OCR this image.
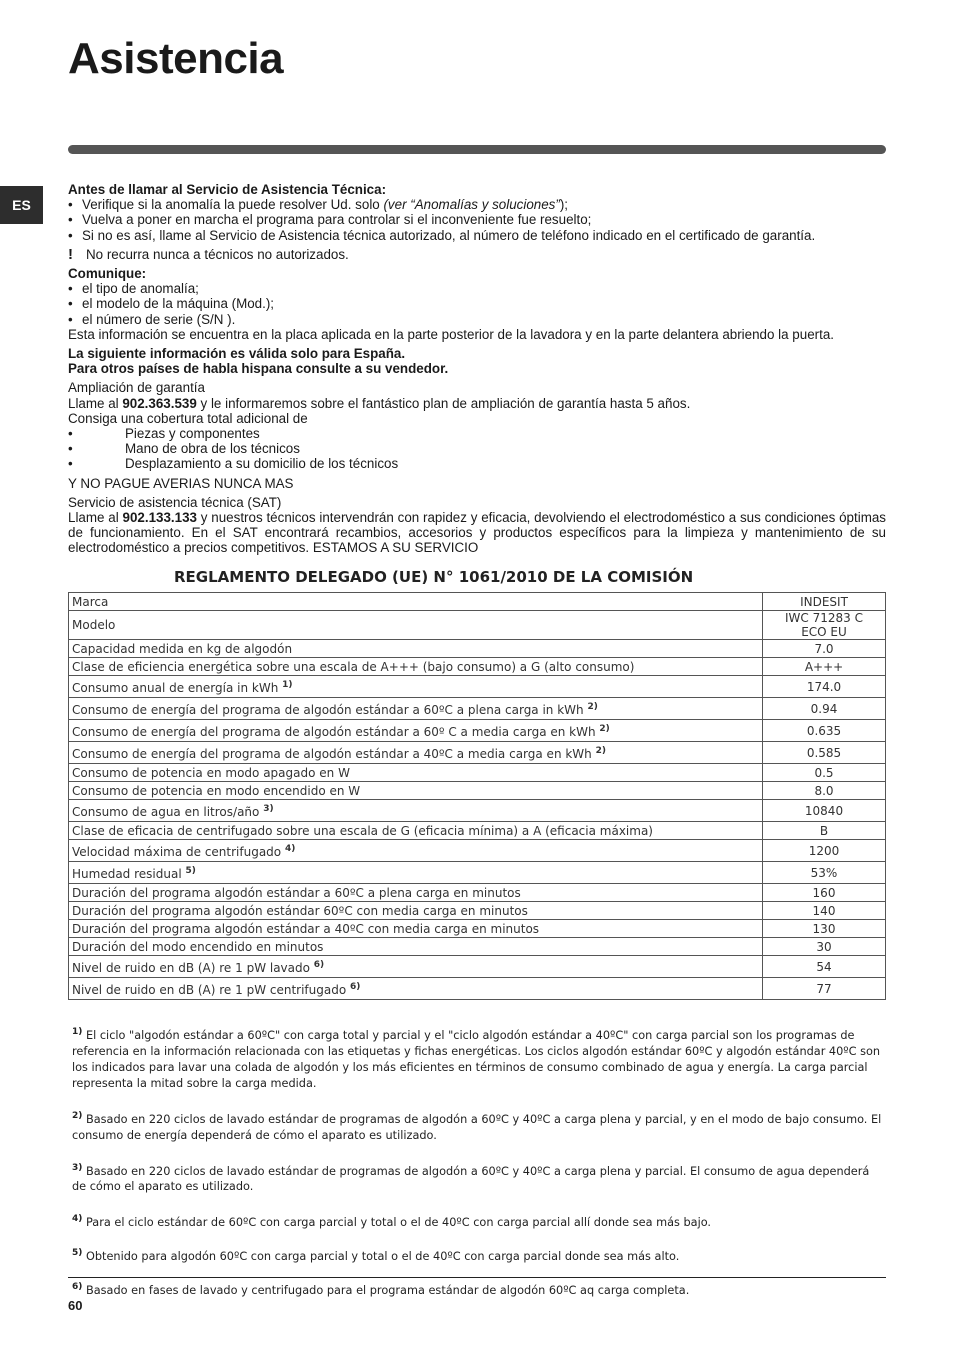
Asistencia
ES

Antes de llamar al Servicio de Asistencia Técnica:

• Verifique si la anomalía la puede resolver Ud. solo (ver “Anomalías y soluciones”);

• Vuelva a poner en marcha el programa para controlar si el inconveniente fue resuelto;

• Si no es así, llame al Servicio de Asistencia técnica autorizado, al número de teléfono indicado en el certificado de garantía.

! No recurra nunca a técnicos no autorizados.

Comunique:

• el tipo de anomalía;

• el modelo de la máquina (Mod.);

• el número de serie (S/N ).

Esta información se encuentra en la placa aplicada en la parte posterior de la lavadora y en la parte delantera abriendo la puerta.

La siguiente información es válida solo para España.

Para otros países de habla hispana consulte a su vendedor.

Ampliación de garantía

Llame al 902.363.539 y le informaremos sobre el fantástico plan de ampliación de garantía hasta 5 años.

Consiga una cobertura total adicional de

• Piezas y componentes

• Mano de obra de los técnicos

• Desplazamiento a su domicilio de los técnicos

Y NO PAGUE AVERIAS NUNCA MAS

Servicio de asistencia técnica (SAT)

Llame al 902.133.133 y nuestros técnicos intervendrán con rapidez y eficacia, devolviendo el electrodoméstico a sus condiciones óptimas de funcionamiento. En el SAT encontrará recambios, accesorios y productos específicos para la limpieza y mantenimiento de su electrodoméstico a precios competitivos. ESTAMOS A SU SERVICIO

REGLAMENTO DELEGADO (UE) N° 1061/2010 DE LA COMISIÓN
Marca	INDESIT
Modelo	IWC 71283 C
ECO EU
Capacidad medida en kg de algodón	7.0
Clase de eficiencia energética sobre una escala de A+++ (bajo consumo) a G (alto consumo)	A+++
Consumo anual de energía in kWh $^{1)}$	174.0
Consumo de energía del programa de algodón estándar a 60ºC a plena carga in kWh $^{2)}$	0.94
Consumo de energía del programa de algodón estándar a 60º C a media carga en kWh $^{2)}$	0.635
Consumo de energía del programa de algodón estándar a 40ºC a media carga en kWh $^{2)}$	0.585
Consumo de potencia en modo apagado en W	0.5
Consumo de potencia en modo encendido en W	8.0
Consumo de agua en litros/año $^{3)}$	10840
Clase de eficacia de centrifugado sobre una escala de G (eficacia mínima) a A (eficacia máxima)	B
Velocidad máxima de centrifugado $^{4)}$	1200
Humedad residual $^{5)}$	53%
Duración del programa algodón estándar a 60ºC a plena carga en minutos	160
Duración del programa algodón estándar 60ºC con media carga en minutos	140
Duración del programa algodón estándar a 40ºC con media carga en minutos	130
Duración del modo encendido en minutos	30
Nivel de ruido en dB (A) re 1 pW lavado $^{6)}$	54
Nivel de ruido en dB (A) re 1 pW centrifugado $^{6)}$	77

$^{1)}$ El ciclo "algodón estándar a 60ºC" con carga total y parcial y el "ciclo algodón estándar a 40ºC" con carga parcial son los programas de referencia en la información relacionada con las etiquetas y fichas energéticas. Los ciclos algodón estándar 60ºC y algodón estándar 40ºC son los indicados para lavar una colada de algodón y los más eficientes en términos de consumo combinado de agua y energía. La carga parcial representa la mitad sobre la carga medida.

$^{2)}$ Basado en 220 ciclos de lavado estándar de programas de algodón a 60ºC y 40ºC a carga plena y parcial, y en el modo de bajo consumo. El consumo de energía dependerá de cómo el aparato es utilizado.

$^{3)}$ Basado en 220 ciclos de lavado estándar de programas de algodón a 60ºC y 40ºC a carga plena y parcial. El consumo de agua dependerá de cómo el aparato es utilizado.

$^{4)}$ Para el ciclo estándar de 60ºC con carga parcial y total o el de 40ºC con carga parcial allí donde sea más bajo.

$^{5)}$ Obtenido para algodón 60ºC con carga parcial y total o el de 40ºC con carga parcial donde sea más alto.

$^{6)}$ Basado en fases de lavado y centrifugado para el programa estándar de algodón 60ºC aq carga completa.

60
